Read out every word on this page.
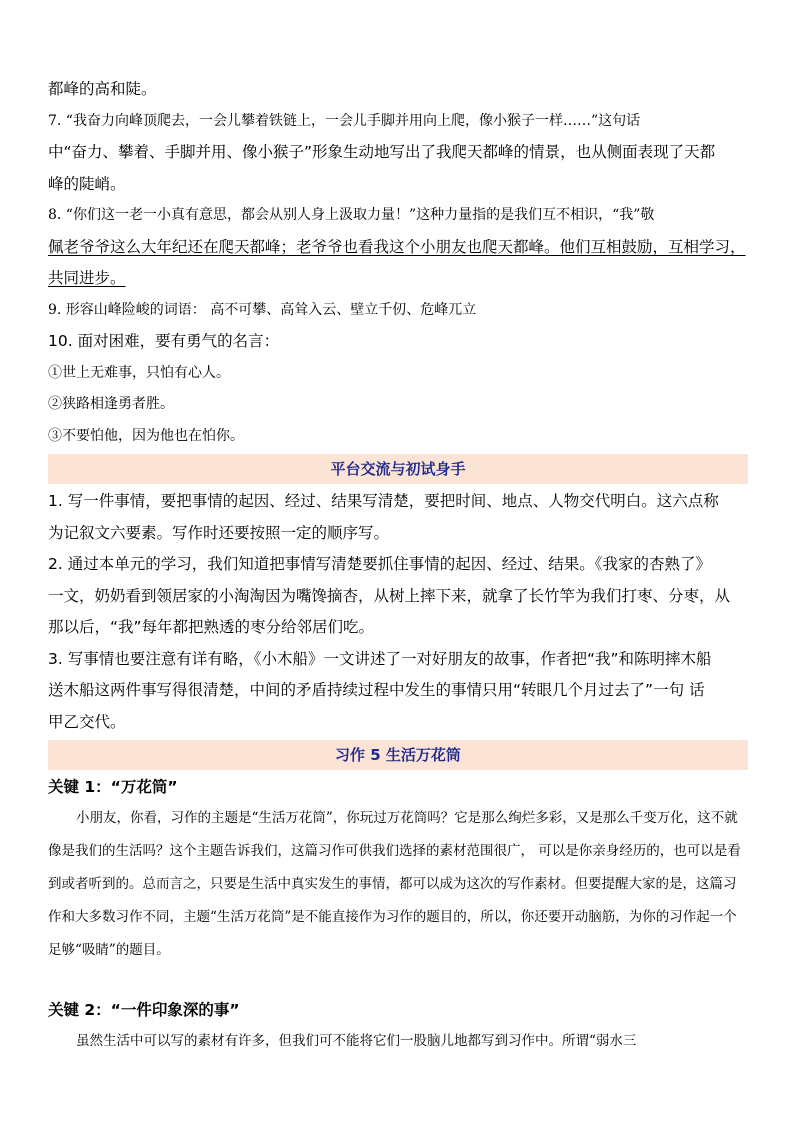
都峰的高和陡。
7. “我奋力向峰顶爬去，一会儿攀着铁链上，一会儿手脚并用向上爬，像小猴子一样……”这句话
中“奋力、攀着、手脚并用、像小猴子”形象生动地写出了我爬天都峰的情景，也从侧面表现了天都
峰的陡峭。
8. “你们这一老一小真有意思，都会从别人身上汲取力量！”这种力量指的是我们互不相识，“我”敬
佩老爷爷这么大年纪还在爬天都峰；老爷爷也看我这个小朋友也爬天都峰。他们互相鼓励，互相学习，
共同进步。
9. 形容山峰险峻的词语： 高不可攀、高耸入云、壁立千仞、危峰兀立
10. 面对困难，要有勇气的名言：
①世上无难事，只怕有心人。
②狭路相逢勇者胜。
③不要怕他，因为他也在怕你。
平台交流与初试身手
1. 写一件事情，要把事情的起因、经过、结果写清楚，要把时间、地点、人物交代明白。这六点称
为记叙文六要素。写作时还要按照一定的顺序写。
2. 通过本单元的学习，我们知道把事情写清楚要抓住事情的起因、经过、结果。《我家的杏熟了》
一文，奶奶看到领居家的小淘淘因为嘴馋摘杏，从树上摔下来，就拿了长竹竿为我们打枣、分枣，从
那以后，“我”每年都把熟透的枣分给邻居们吃。
3. 写事情也要注意有详有略，《小木船》一文讲述了一对好朋友的故事，作者把“我”和陈明摔木船
送木船这两件事写得很清楚，中间的矛盾持续过程中发生的事情只用“转眼几个月过去了”一句 话
甲乙交代。
习作 5 生活万花筒
关键 1：“万花筒”

小朋友，你看，习作的主题是“生活万花筒”，你玩过万花筒吗？它是那么绚烂多彩，又是那么千变万化，这不就像是我们的生活吗？这个主题告诉我们，这篇习作可供我们选择的素材范围很广， 可以是你亲身经历的，也可以是看到或者听到的。总而言之，只要是生活中真实发生的事情，都可以成为这次的写作素材。但要提醒大家的是，这篇习作和大多数习作不同，主题“生活万花筒”是不能直接作为习作的题目的，所以，你还要开动脑筋，为你的习作起一个足够“吸睛”的题目。

关键 2：“一件印象深的事”

虽然生活中可以写的素材有许多，但我们可不能将它们一股脑儿地都写到习作中。所谓“弱水三
